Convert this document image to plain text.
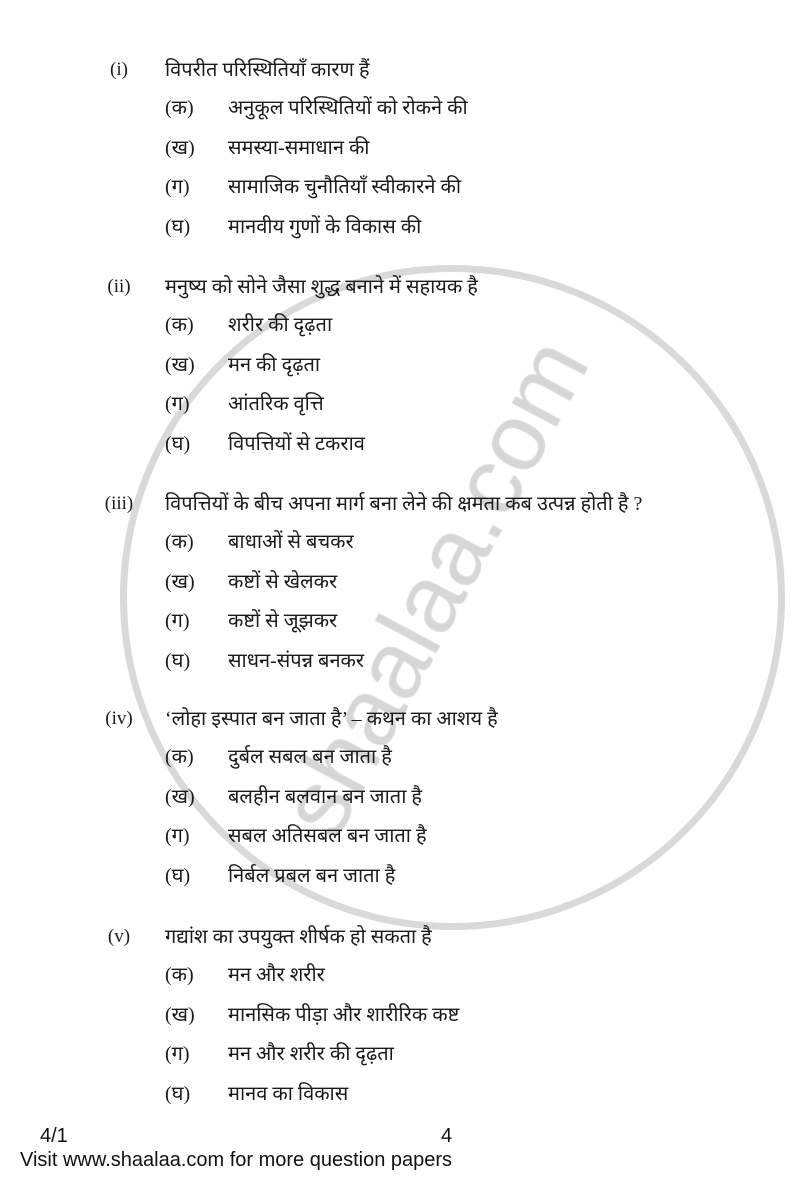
(i)	विपरीत परिस्थितियाँ कारण हैं
(क) अनुकूल परिस्थितियों को रोकने की
(ख) समस्या-समाधान की
(ग) सामाजिक चुनौतियाँ स्वीकारने की
(घ) मानवीय गुणों के विकास की
(ii)	मनुष्य को सोने जैसा शुद्ध बनाने में सहायक है
(क) शरीर की दृढ़ता
(ख) मन की दृढ़ता
(ग) आंतरिक वृत्ति
(घ) विपत्तियों से टकराव
(iii)	विपत्तियों के बीच अपना मार्ग बना लेने की क्षमता कब उत्पन्न होती है ?
(क) बाधाओं से बचकर
(ख) कष्टों से खेलकर
(ग) कष्टों से जूझकर
(घ) साधन-संपन्न बनकर
(iv)	‘लोहा इस्पात बन जाता है’ – कथन का आशय है
(क) दुर्बल सबल बन जाता है
(ख) बलहीन बलवान बन जाता है
(ग) सबल अतिसबल बन जाता है
(घ) निर्बल प्रबल बन जाता है
(v)	गद्यांश का उपयुक्त शीर्षक हो सकता है
(क) मन और शरीर
(ख) मानसिक पीड़ा और शारीरिक कष्ट
(ग) मन और शरीर की दृढ़ता
(घ) मानव का विकास
4/1	4
Visit www.shaalaa.com for more question papers
